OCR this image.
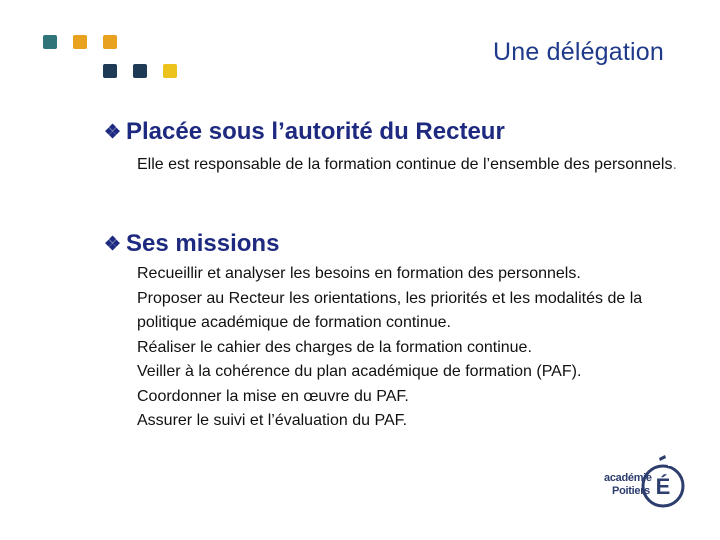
Une délégation
❖ Placée sous l’autorité du Recteur
Elle est responsable de la formation continue de l’ensemble des personnels.
❖ Ses missions
Recueillir et analyser les besoins en formation des personnels.
Proposer au Recteur les orientations, les priorités et les modalités de la politique académique de formation continue.
Réaliser le cahier des charges de la formation continue.
Veiller à la cohérence du plan académique de formation (PAF).
Coordonner la mise en œuvre du PAF.
Assurer le suivi et l’évaluation du PAF.
académie
Poitiers É
